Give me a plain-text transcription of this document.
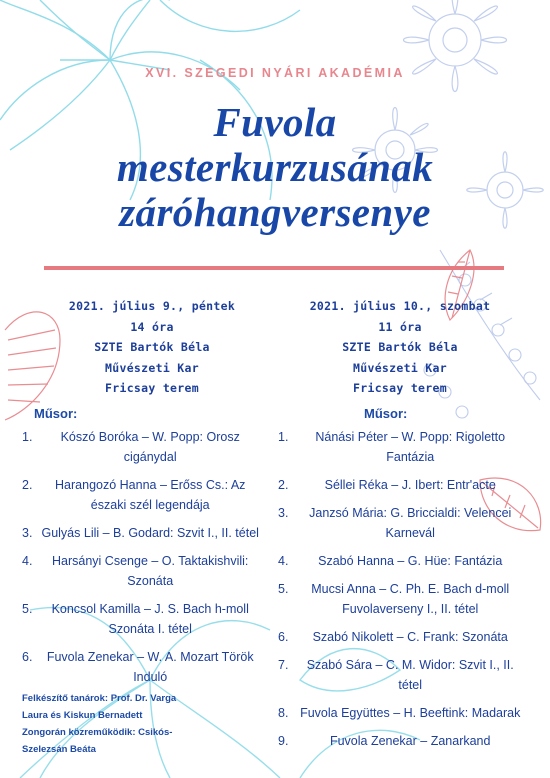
XVI. SZEGEDI NYÁRI AKADÉMIA
Fuvola
mesterkurzusának
záróhangversenye
2021. július 9., péntek
14 óra
SZTE Bartók Béla
Művészeti Kar
Fricsay terem
2021. július 10., szombat
11 óra
SZTE Bartók Béla
Művészeti Kar
Fricsay terem
Műsor:	Műsor:
1.	Kószó Boróka – W. Popp: Orosz cigánydal
2.	Harangozó Hanna – Erőss Cs.: Az északi szél legendája
3. Gulyás Lili – B. Godard: Szvit I., II. tétel
4.	Harsányi Csenge – O. Taktakishvili: Szonáta
5.	Koncsol Kamilla – J. S. Bach h-moll Szonáta I. tétel
6.	Fuvola Zenekar – W. A. Mozart Török Induló
1.	Nánási Péter – W. Popp: Rigoletto Fantázia
2.	Séllei Réka – J. Ibert: Entr'acte
3.	Janzsó Mária: G. Briccialdi: Velencei Karnevál
4.	Szabó Hanna – G. Hüe: Fantázia
5.	Mucsi Anna – C. Ph. E. Bach d-moll Fuvolaverseny I., II. tétel
6.	Szabó Nikolett – C. Frank: Szonáta
7.	Szabó Sára – C. M. Widor: Szvit I., II. tétel
8. Fuvola Együttes – H. Beeftink: Madarak
9.	Fuvola Zenekar – Zanarkand
Felkészítő tanárok: Prof. Dr. Varga
Laura és Kiskun Bernadett
Zongorán közreműködik: Csikós-
Szelezsán Beáta
